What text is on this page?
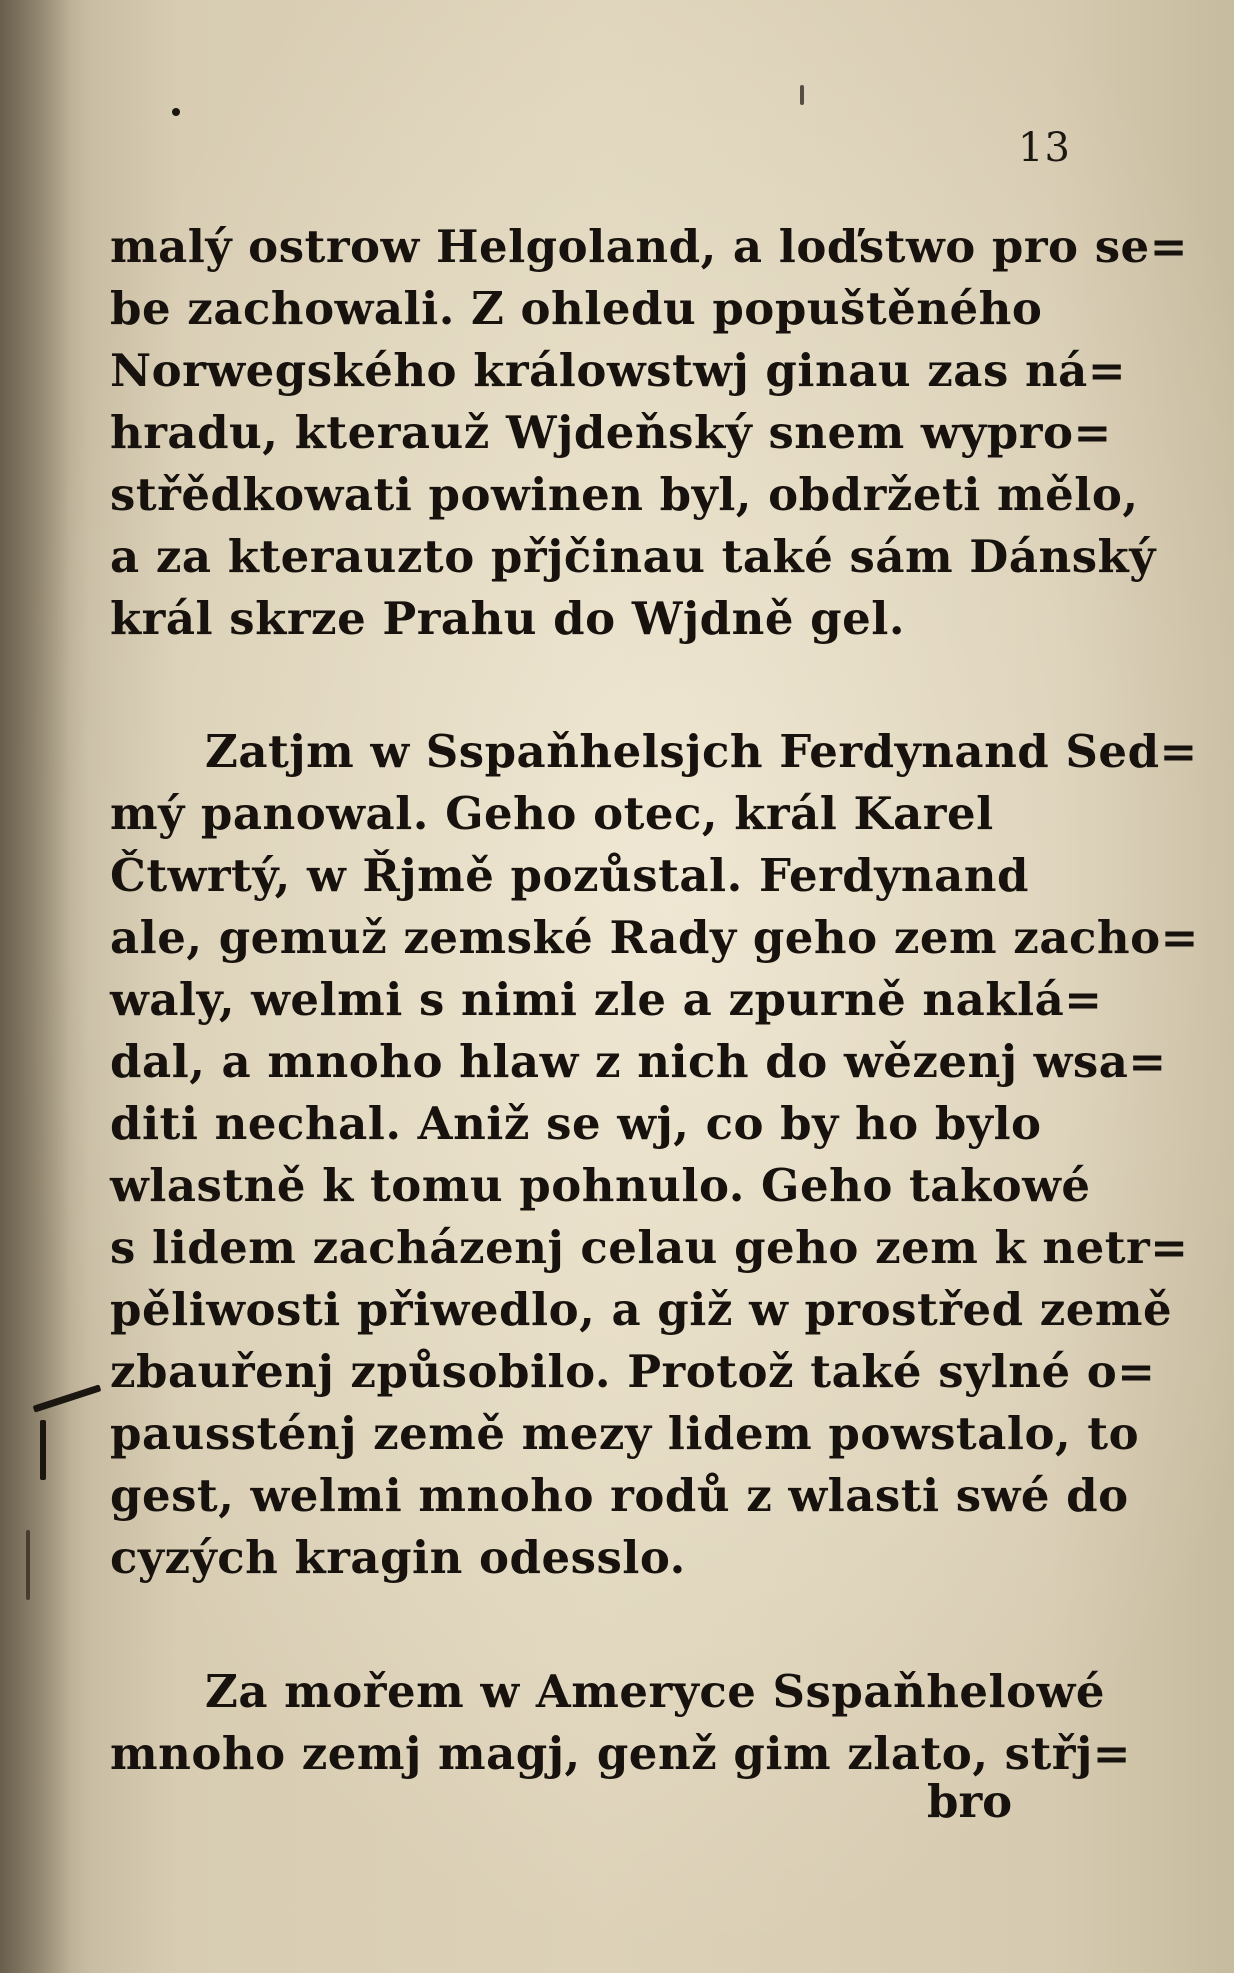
13
malý ostrow Helgoland, a loďstwo pro se=
be zachowali. Z ohledu popuštěného
Norwegského králowstwj ginau zas ná=
hradu, kterauž Wjdeňský snem wypro=
střědkowati powinen byl, obdržeti mělo,
a za kterauzto přjčinau také sám Dánský
král skrze Prahu do Wjdně gel.
Zatjm w Sspaňhelsjch Ferdynand Sed=
mý panowal. Geho otec, král Karel
Čtwrtý, w Řjmě pozůstal. Ferdynand
ale, gemuž zemské Rady geho zem zacho=
waly, welmi s nimi zle a zpurně naklá=
dal, a mnoho hlaw z nich do wězenj wsa=
diti nechal. Aniž se wj, co by ho bylo
wlastně k tomu pohnulo. Geho takowé
s lidem zacházenj celau geho zem k netr=
pěliwosti přiwedlo, a giž w prostřed země
zbauřenj způsobilo. Protož také sylné o=
paussténj země mezy lidem powstalo, to
gest, welmi mnoho rodů z wlasti swé do
cyzých kragin odesslo.
Za mořem w Amerycе Sspaňhelowé
mnoho zemj magj, genž gim zlato, střj=
bro
